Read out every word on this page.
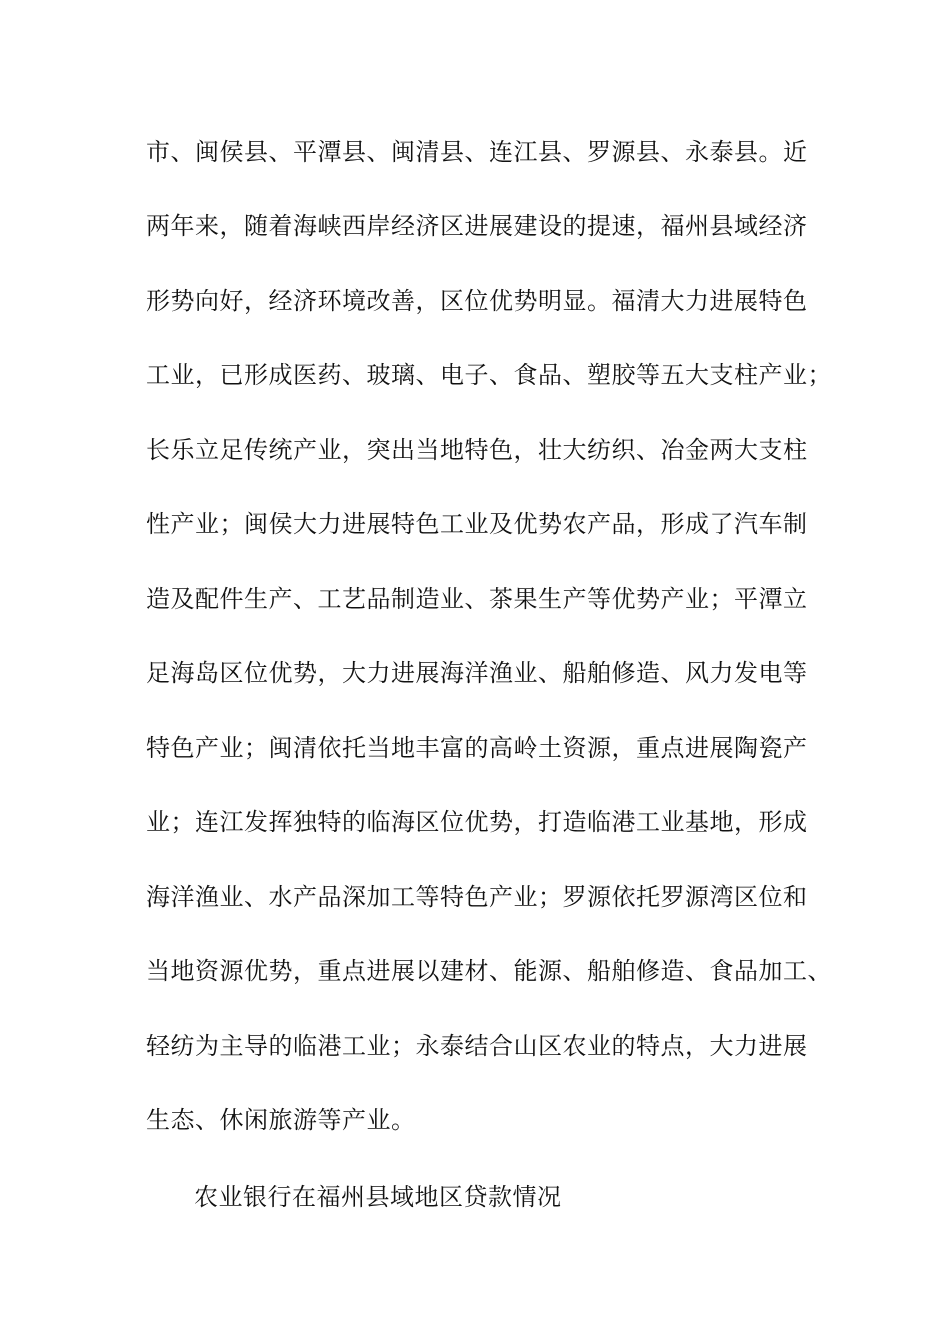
市、闽侯县、平潭县、闽清县、连江县、罗源县、永泰县。近
两年来，随着海峡西岸经济区进展建设的提速，福州县域经济
形势向好，经济环境改善，区位优势明显。福清大力进展特色
工业，已形成医药、玻璃、电子、食品、塑胶等五大支柱产业；
长乐立足传统产业，突出当地特色，壮大纺织、冶金两大支柱
性产业；闽侯大力进展特色工业及优势农产品，形成了汽车制
造及配件生产、工艺品制造业、茶果生产等优势产业；平潭立
足海岛区位优势，大力进展海洋渔业、船舶修造、风力发电等
特色产业；闽清依托当地丰富的高岭土资源，重点进展陶瓷产
业；连江发挥独特的临海区位优势，打造临港工业基地，形成
海洋渔业、水产品深加工等特色产业；罗源依托罗源湾区位和
当地资源优势，重点进展以建材、能源、船舶修造、食品加工、
轻纺为主导的临港工业；永泰结合山区农业的特点，大力进展
生态、休闲旅游等产业。
农业银行在福州县域地区贷款情况
